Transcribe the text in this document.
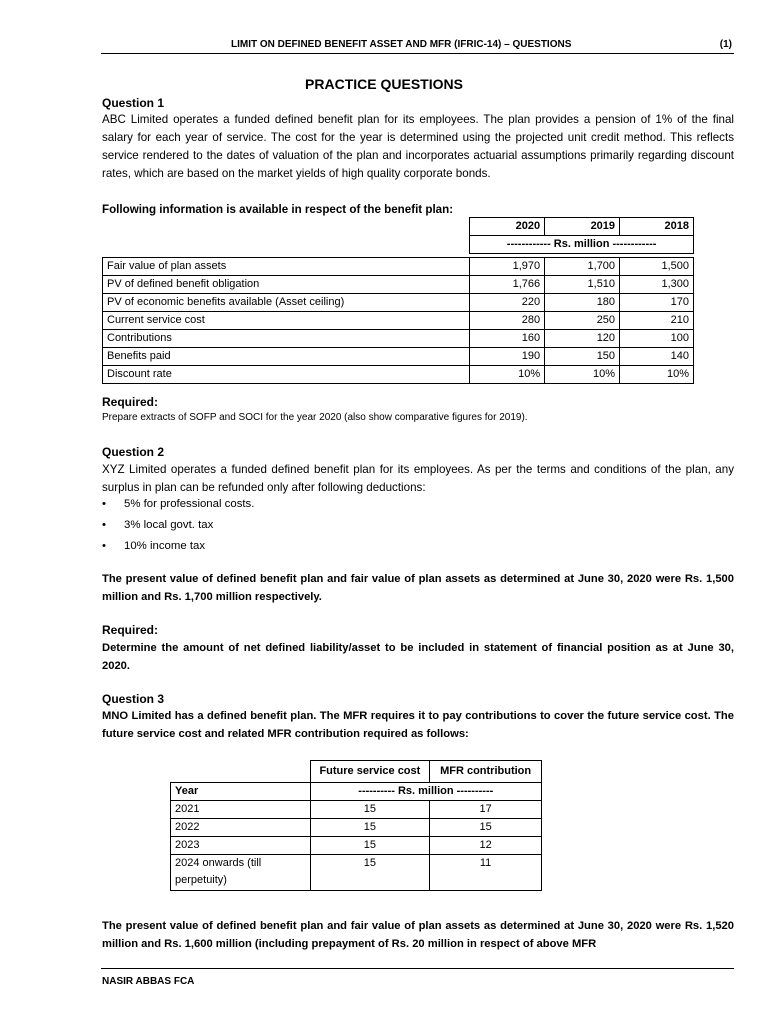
LIMIT ON DEFINED BENEFIT ASSET AND MFR (IFRIC-14) – QUESTIONS	(1)
PRACTICE QUESTIONS
Question 1
ABC Limited operates a funded defined benefit plan for its employees. The plan provides a pension of 1% of the final salary for each year of service. The cost for the year is determined using the projected unit credit method. This reflects service rendered to the dates of valuation of the plan and incorporates actuarial assumptions primarily regarding discount rates, which are based on the market yields of high quality corporate bonds.
Following information is available in respect of the benefit plan:
	2020	2019	2018
	------------ Rs. million ------------		

Fair value of plan assets	1,970	1,700	1,500
PV of defined benefit obligation	1,766	1,510	1,300
PV of economic benefits available (Asset ceiling)	220	180	170
Current service cost	280	250	210
Contributions	160	120	100
Benefits paid	190	150	140
Discount rate	10%	10%	10%
Required:
Prepare extracts of SOFP and SOCI for the year 2020 (also show comparative figures for 2019).
Question 2
XYZ Limited operates a funded defined benefit plan for its employees. As per the terms and conditions of the plan, any surplus in plan can be refunded only after following deductions:
• 5% for professional costs.
• 3% local govt. tax
• 10% income tax
The present value of defined benefit plan and fair value of plan assets as determined at June 30, 2020 were Rs. 1,500 million and Rs. 1,700 million respectively.
Required:
Determine the amount of net defined liability/asset to be included in statement of financial position as at June 30, 2020.
Question 3
MNO Limited has a defined benefit plan. The MFR requires it to pay contributions to cover the future service cost. The future service cost and related MFR contribution required as follows:
	Future service cost	MFR contribution
Year	---------- Rs. million ----------	
2021	15	17
2022	15	15
2023	15	12
2024 onwards (till perpetuity)	15	11
The present value of defined benefit plan and fair value of plan assets as determined at June 30, 2020 were Rs. 1,520 million and Rs. 1,600 million (including prepayment of Rs. 20 million in respect of above MFR
NASIR ABBAS FCA
